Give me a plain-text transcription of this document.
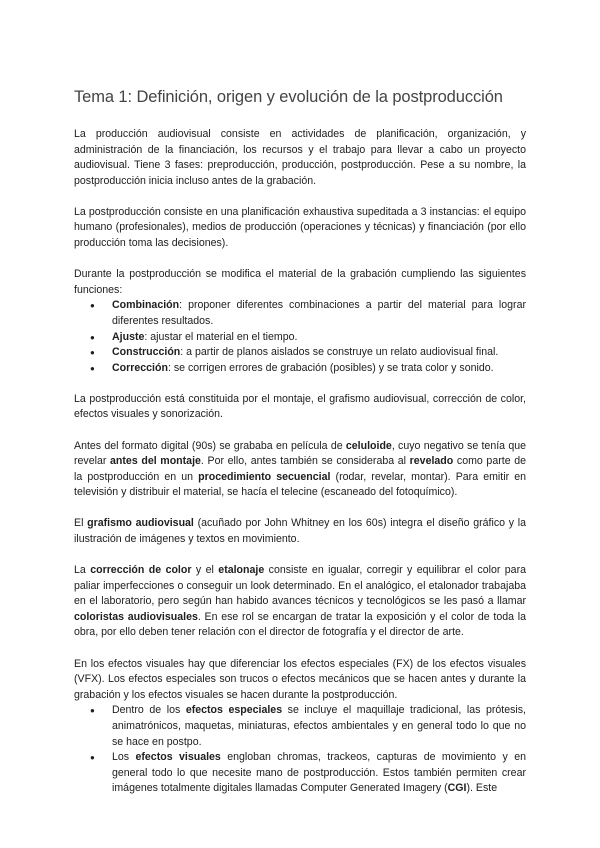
Tema 1: Definición, origen y evolución de la postproducción

La producción audiovisual consiste en actividades de planificación, organización, y administración de la financiación, los recursos y el trabajo para llevar a cabo un proyecto audiovisual. Tiene 3 fases: preproducción, producción, postproducción. Pese a su nombre, la postproducción inicia incluso antes de la grabación.

La postproducción consiste en una planificación exhaustiva supeditada a 3 instancias: el equipo humano (profesionales), medios de producción (operaciones y técnicas) y financiación (por ello producción toma las decisiones).

Durante la postproducción se modifica el material de la grabación cumpliendo las siguientes funciones:

● Combinación: proponer diferentes combinaciones a partir del material para lograr diferentes resultados.
● Ajuste: ajustar el material en el tiempo.
● Construcción: a partir de planos aislados se construye un relato audiovisual final.
● Corrección: se corrigen errores de grabación (posibles) y se trata color y sonido.

La postproducción está constituida por el montaje, el grafismo audiovisual, corrección de color, efectos visuales y sonorización.

Antes del formato digital (90s) se grababa en película de celuloide, cuyo negativo se tenía que revelar antes del montaje. Por ello, antes también se consideraba al revelado como parte de la postproducción en un procedimiento secuencial (rodar, revelar, montar). Para emitir en televisión y distribuir el material, se hacía el telecine (escaneado del fotoquímico).

El grafismo audiovisual (acuñado por John Whitney en los 60s) integra el diseño gráfico y la ilustración de imágenes y textos en movimiento.

La corrección de color y el etalonaje consiste en igualar, corregir y equilibrar el color para paliar imperfecciones o conseguir un look determinado. En el analógico, el etalonador trabajaba en el laboratorio, pero según han habido avances técnicos y tecnológicos se les pasó a llamar coloristas audiovisuales. En ese rol se encargan de tratar la exposición y el color de toda la obra, por ello deben tener relación con el director de fotografía y el director de arte.

En los efectos visuales hay que diferenciar los efectos especiales (FX) de los efectos visuales (VFX). Los efectos especiales son trucos o efectos mecánicos que se hacen antes y durante la grabación y los efectos visuales se hacen durante la postproducción.

● Dentro de los efectos especiales se incluye el maquillaje tradicional, las prótesis, animatrónicos, maquetas, miniaturas, efectos ambientales y en general todo lo que no se hace en postpo.
● Los efectos visuales engloban chromas, trackeos, capturas de movimiento y en general todo lo que necesite mano de postproducción. Estos también permiten crear imágenes totalmente digitales llamadas Computer Generated Imagery (CGI). Este
